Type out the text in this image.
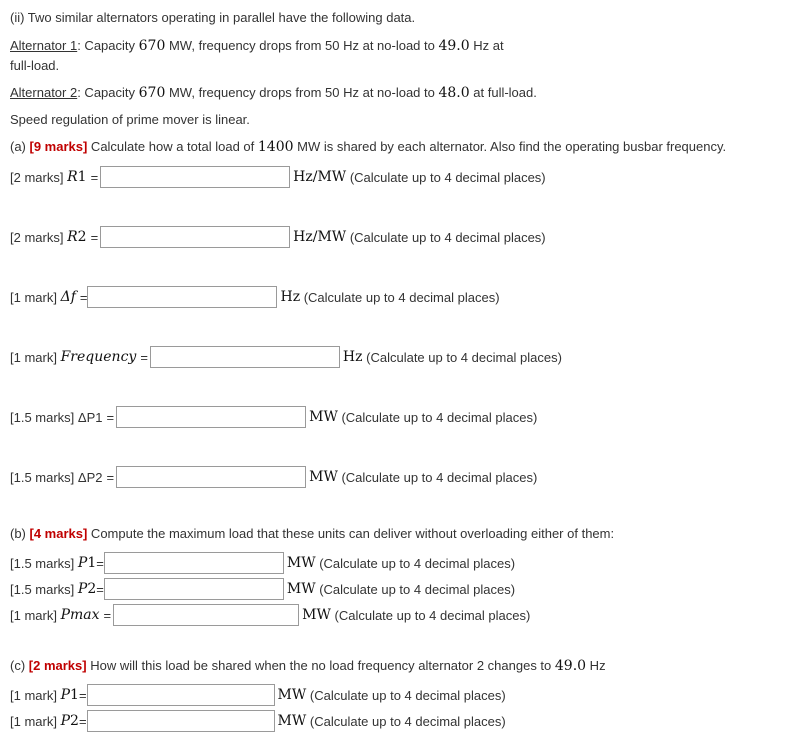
(ii) Two similar alternators operating in parallel have the following data.
Alternator 1: Capacity 670 MW, frequency drops from 50 Hz at no-load to 49.0 Hz at
full-load.
Alternator 2: Capacity 670 MW, frequency drops from 50 Hz at no-load to 48.0 at full-load.
Speed regulation of prime mover is linear.
(a) [9 marks] Calculate how a total load of 1400 MW is shared by each alternator. Also find the operating busbar frequency.
[2 marks]
R 1 =	Hz/MW
(Calculate up to 4 decimal places)
[2 marks]
R 2 =	Hz/MW
(Calculate up to 4 decimal places)
[1 mark]
Δf =	Hz
(Calculate up to 4 decimal places)
[1 mark]
Frequency =	Hz
(Calculate up to 4 decimal places)
[1.5 marks]
ΔP1 =	MW
(Calculate up to 4 decimal places)
[1.5 marks]
ΔP2 =	MW
(Calculate up to 4 decimal places)
(b) [4 marks] Compute the maximum load that these units can deliver without overloading either of them:
[1.5 marks]
P 1 =	MW
(Calculate up to 4 decimal places)
[1.5 marks]
P 2 =	MW
(Calculate up to 4 decimal places)
[1 mark]
P max =	MW
(Calculate up to 4 decimal places)
(c) [2 marks] How will this load be shared when the no load frequency alternator 2 changes to 49.0 Hz
[1 mark]
P 1 =	MW
(Calculate up to 4 decimal places)
[1 mark]
P 2 =	MW
(Calculate up to 4 decimal places)
